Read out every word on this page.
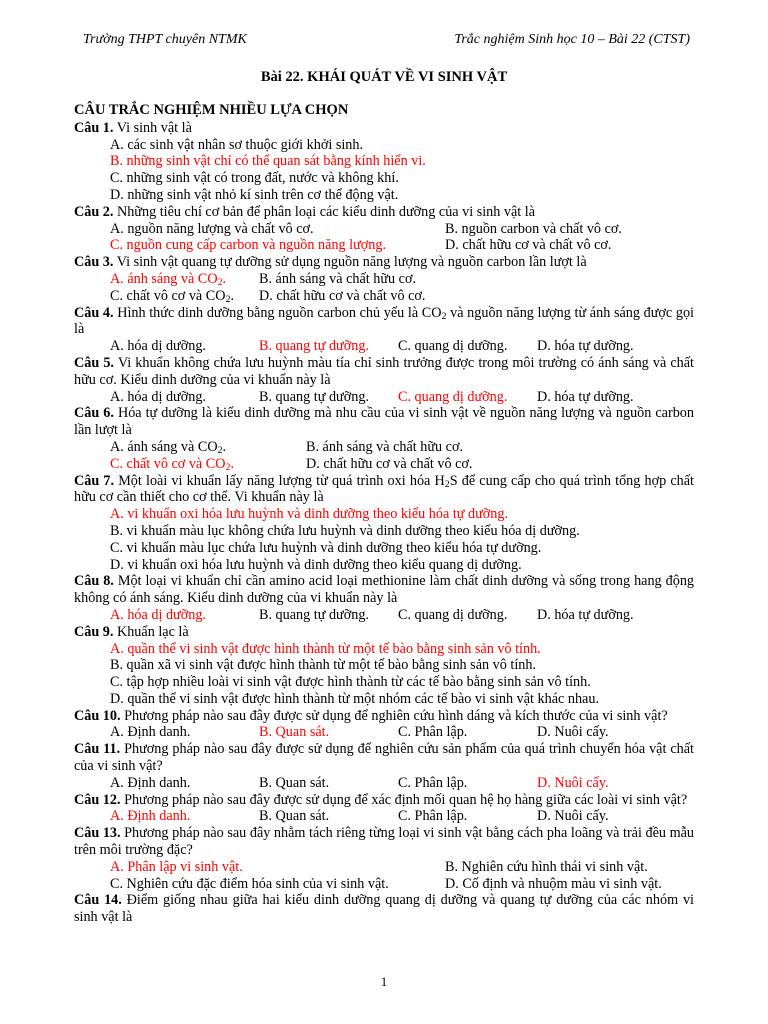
Trường THPT chuyên NTMK	Trắc nghiệm Sinh học 10 – Bài 22 (CTST)
Bài 22. KHÁI QUÁT VỀ VI SINH VẬT
CÂU TRẮC NGHIỆM NHIỀU LỰA CHỌN
Câu 1. Vi sinh vật là
A. các sinh vật nhân sơ thuộc giới khởi sinh.
B. những sinh vật chỉ có thể quan sát bằng kính hiển vi.
C. những sinh vật có trong đất, nước và không khí.
D. những sinh vật nhỏ kí sinh trên cơ thể động vật.
Câu 2. Những tiêu chí cơ bản để phân loại các kiểu dinh dưỡng của vi sinh vật là
A. nguồn năng lượng và chất vô cơ.	B. nguồn carbon và chất vô cơ.
C. nguồn cung cấp carbon và nguồn năng lượng.	D. chất hữu cơ và chất vô cơ.
Câu 3. Vi sinh vật quang tự dưỡng sử dụng nguồn năng lượng và nguồn carbon lần lượt là
A. ánh sáng và $CO_2$. B. ánh sáng và chất hữu cơ.
C. chất vô cơ và $CO_2$. D. chất hữu cơ và chất vô cơ.
Câu 4. Hình thức dinh dưỡng bằng nguồn carbon chủ yếu là $CO_2$ và nguồn năng lượng từ ánh sáng được gọi là
A. hóa dị dưỡng.	B. quang tự dưỡng. C. quang dị dưỡng. D. hóa tự dưỡng.
Câu 5. Vi khuẩn không chứa lưu huỳnh màu tía chỉ sinh trưởng được trong môi trường có ánh sáng và chất hữu cơ. Kiểu dinh dưỡng của vi khuẩn này là
A. hóa dị dưỡng.	B. quang tự dưỡng. C. quang dị dưỡng. D. hóa tự dưỡng.
Câu 6. Hóa tự dưỡng là kiểu dinh dưỡng mà nhu cầu của vi sinh vật về nguồn năng lượng và nguồn carbon lần lượt là
A. ánh sáng và $CO_2$.	B. ánh sáng và chất hữu cơ.
C. chất vô cơ và $CO_2$.	D. chất hữu cơ và chất vô cơ.
Câu 7. Một loài vi khuẩn lấy năng lượng từ quá trình oxi hóa $H_2S$ để cung cấp cho quá trình tổng hợp chất hữu cơ cần thiết cho cơ thể. Vi khuẩn này là
A. vi khuẩn oxi hóa lưu huỳnh và dinh dưỡng theo kiểu hóa tự dưỡng.
B. vi khuẩn màu lục không chứa lưu huỳnh và dinh dưỡng theo kiểu hóa dị dưỡng.
C. vi khuẩn màu lục chứa lưu huỳnh và dinh dưỡng theo kiểu hóa tự dưỡng.
D. vi khuẩn oxi hóa lưu huỳnh và dinh dưỡng theo kiểu quang dị dưỡng.
Câu 8. Một loại vi khuẩn chỉ cần amino acid loại methionine làm chất dinh dưỡng và sống trong hang động không có ánh sáng. Kiểu dinh dưỡng của vi khuẩn này là
A. hóa dị dưỡng.	B. quang tự dưỡng. C. quang dị dưỡng. D. hóa tự dưỡng.
Câu 9. Khuẩn lạc là
A. quần thể vi sinh vật được hình thành từ một tế bào bằng sinh sản vô tính.
B. quần xã vi sinh vật được hình thành từ một tế bào bằng sinh sản vô tính.
C. tập hợp nhiều loài vi sinh vật được hình thành từ các tế bào bằng sinh sản vô tính.
D. quần thể vi sinh vật được hình thành từ một nhóm các tế bào vi sinh vật khác nhau.
Câu 10. Phương pháp nào sau đây được sử dụng để nghiên cứu hình dáng và kích thước của vi sinh vật?
A. Định danh.	B. Quan sát.	C. Phân lập.	D. Nuôi cấy.
Câu 11. Phương pháp nào sau đây được sử dụng để nghiên cứu sản phẩm của quá trình chuyển hóa vật chất của vi sinh vật?
A. Định danh.	B. Quan sát.	C. Phân lập.	D. Nuôi cấy.
Câu 12. Phương pháp nào sau đây được sử dụng để xác định mối quan hệ họ hàng giữa các loài vi sinh vật?
A. Định danh.	B. Quan sát.	C. Phân lập.	D. Nuôi cấy.
Câu 13. Phương pháp nào sau đây nhằm tách riêng từng loại vi sinh vật bằng cách pha loãng và trải đều mẫu trên môi trường đặc?
A. Phân lập vi sinh vật.	B. Nghiên cứu hình thái vi sinh vật.
C. Nghiên cứu đặc điểm hóa sinh của vi sinh vật.	D. Cố định và nhuộm màu vi sinh vật.
Câu 14. Điểm giống nhau giữa hai kiểu dinh dưỡng quang dị dưỡng và quang tự dưỡng của các nhóm vi sinh vật là
1
